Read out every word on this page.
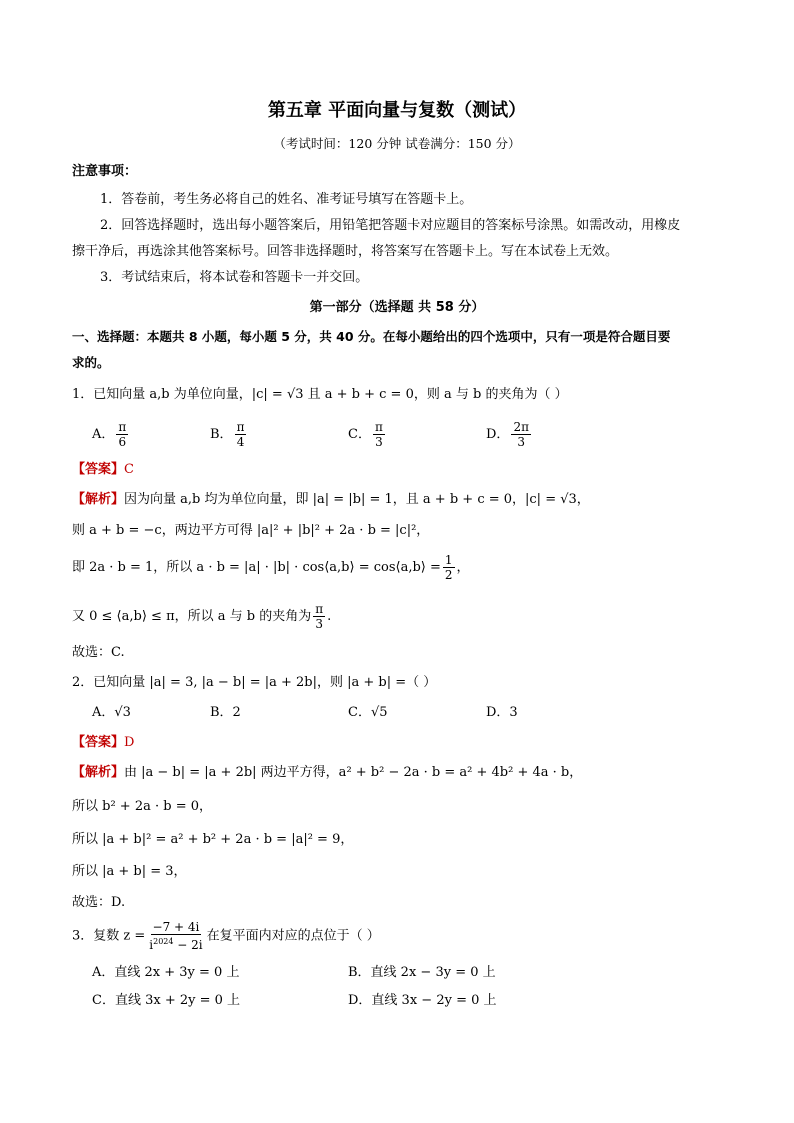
第五章 平面向量与复数（测试）
（考试时间：120 分钟 试卷满分：150 分）
注意事项：
1．答卷前，考生务必将自己的姓名、准考证号填写在答题卡上。
2．回答选择题时，选出每小题答案后，用铅笔把答题卡对应题目的答案标号涂黑。如需改动，用橡皮
擦干净后，再选涂其他答案标号。回答非选择题时，将答案写在答题卡上。写在本试卷上无效。
3．考试结束后，将本试卷和答题卡一并交回。
第一部分（选择题 共 58 分）
一、选择题：本题共 8 小题，每小题 5 分，共 40 分。在每小题给出的四个选项中，只有一项是符合题目要
求的。
1．已知向量 a,b 为单位向量，|c| = √3 且 a + b + c = 0，则 a 与 b 的夹角为（ ）
A． $\frac{\pi}{6}$	B． $\frac{\pi}{4}$	C． $\frac{\pi}{3}$	D． $\frac{2\pi}{3}$
【答案】C
【解析】因为向量 a,b 均为单位向量，即 |a| = |b| = 1，且 a + b + c = 0，|c| = √3，
则 a + b = −c，两边平方可得 |a|² + |b|² + 2a · b = |c|²，
即 2a · b = 1，所以 a · b = |a| · |b| · cos⟨a,b⟩ = cos⟨a,b⟩ = $\frac{1}{2}$ ，
又 0 ≤ ⟨a,b⟩ ≤ π，所以 a 与 b 的夹角为 $\frac{\pi}{3}$ .
故选：C.
2．已知向量 |a| = 3, |a − b| = |a + 2b|，则 |a + b| =（ ）
A．√3	B．2	C．√5	D．3
【答案】D
【解析】由 |a − b| = |a + 2b| 两边平方得，a² + b² − 2a · b = a² + 4b² + 4a · b，
所以 b² + 2a · b = 0，
所以 |a + b|² = a² + b² + 2a · b = |a|² = 9，
所以 |a + b| = 3，
故选：D.
3．复数 $z = \frac{-7 + 4i}{i^{2024} - 2i}$ 在复平面内对应的点位于（ ）
A．直线 2x + 3y = 0 上	B．直线 2x − 3y = 0 上
C．直线 3x + 2y = 0 上	D．直线 3x − 2y = 0 上
